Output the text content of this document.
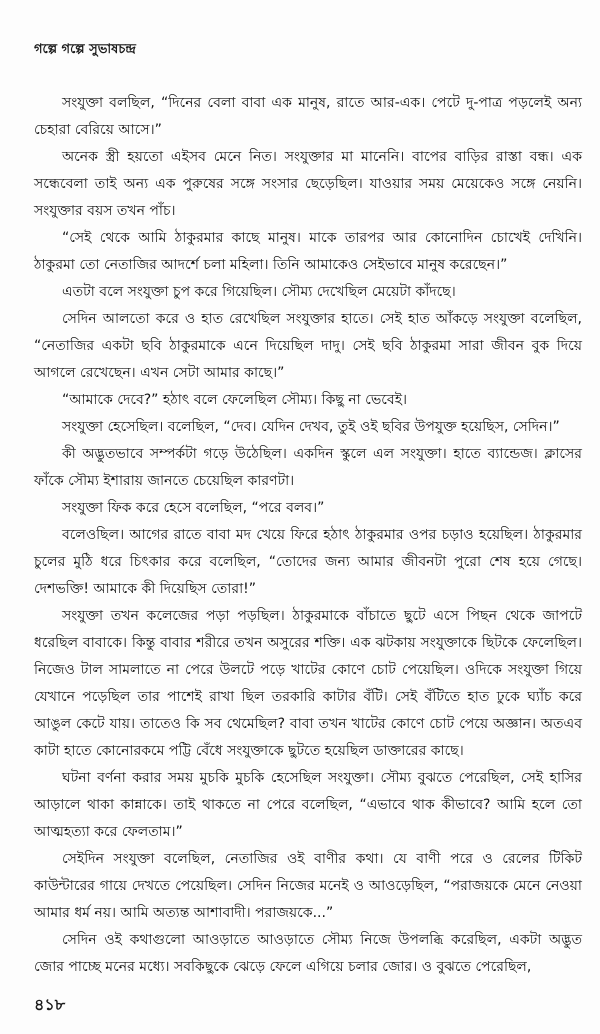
গল্পে গল্পে সুভাষচন্দ্র

সংযুক্তা বলছিল, “দিনের বেলা বাবা এক মানুষ, রাতে আর-এক। পেটে দু-পাত্র পড়লেই অন্য চেহারা বেরিয়ে আসে।”

অনেক স্ত্রী হয়তো এইসব মেনে নিত। সংযুক্তার মা মানেনি। বাপের বাড়ির রাস্তা বন্ধ। এক সন্ধেবেলা তাই অন্য এক পুরুষের সঙ্গে সংসার ছেড়েছিল। যাওয়ার সময় মেয়েকেও সঙ্গে নেয়নি। সংযুক্তার বয়স তখন পাঁচ।

“সেই থেকে আমি ঠাকুরমার কাছে মানুষ। মাকে তারপর আর কোনোদিন চোখেই দেখিনি। ঠাকুরমা তো নেতাজির আদর্শে চলা মহিলা। তিনি আমাকেও সেইভাবে মানুষ করেছেন।”

এতটা বলে সংযুক্তা চুপ করে গিয়েছিল। সৌম্য দেখেছিল মেয়েটা কাঁদছে।

সেদিন আলতো করে ও হাত রেখেছিল সংযুক্তার হাতে। সেই হাত আঁকড়ে সংযুক্তা বলেছিল, “নেতাজির একটা ছবি ঠাকুরমাকে এনে দিয়েছিল দাদু। সেই ছবি ঠাকুরমা সারা জীবন বুক দিয়ে আগলে রেখেছেন। এখন সেটা আমার কাছে।”

“আমাকে দেবে?” হঠাৎ বলে ফেলেছিল সৌম্য। কিছু না ভেবেই।

সংযুক্তা হেসেছিল। বলেছিল, “দেব। যেদিন দেখব, তুই ওই ছবির উপযুক্ত হয়েছিস, সেদিন।”

কী অদ্ভুতভাবে সম্পর্কটা গড়ে উঠেছিল। একদিন স্কুলে এল সংযুক্তা। হাতে ব্যান্ডেজ। ক্লাসের ফাঁকে সৌম্য ইশারায় জানতে চেয়েছিল কারণটা।

সংযুক্তা ফিক করে হেসে বলেছিল, “পরে বলব।”

বলেওছিল। আগের রাতে বাবা মদ খেয়ে ফিরে হঠাৎ ঠাকুরমার ওপর চড়াও হয়েছিল। ঠাকুরমার চুলের মুঠি ধরে চিৎকার করে বলেছিল, “তোদের জন্য আমার জীবনটা পুরো শেষ হয়ে গেছে। দেশভক্তি! আমাকে কী দিয়েছিস তোরা!”

সংযুক্তা তখন কলেজের পড়া পড়ছিল। ঠাকুরমাকে বাঁচাতে ছুটে এসে পিছন থেকে জাপটে ধরেছিল বাবাকে। কিন্তু বাবার শরীরে তখন অসুরের শক্তি। এক ঝটকায় সংযুক্তাকে ছিটকে ফেলেছিল। নিজেও টাল সামলাতে না পেরে উলটে পড়ে খাটের কোণে চোট পেয়েছিল। ওদিকে সংযুক্তা গিয়ে যেখানে পড়েছিল তার পাশেই রাখা ছিল তরকারি কাটার বঁটি। সেই বঁটিতে হাত ঢুকে ঘ্যাঁচ করে আঙুল কেটে যায়। তাতেও কি সব থেমেছিল? বাবা তখন খাটের কোণে চোট পেয়ে অজ্ঞান। অতএব কাটা হাতে কোনোরকমে পট্টি বেঁধে সংযুক্তাকে ছুটতে হয়েছিল ডাক্তারের কাছে।

ঘটনা বর্ণনা করার সময় মুচকি মুচকি হেসেছিল সংযুক্তা। সৌম্য বুঝতে পেরেছিল, সেই হাসির আড়ালে থাকা কান্নাকে। তাই থাকতে না পেরে বলেছিল, “এভাবে থাক কীভাবে? আমি হলে তো আত্মহত্যা করে ফেলতাম।”

সেইদিন সংযুক্তা বলেছিল, নেতাজির ওই বাণীর কথা। যে বাণী পরে ও রেলের টিকিট কাউন্টারের গায়ে দেখতে পেয়েছিল। সেদিন নিজের মনেই ও আওড়েছিল, “পরাজয়কে মেনে নেওয়া আমার ধর্ম নয়। আমি অত্যন্ত আশাবাদী। পরাজয়কে...”

সেদিন ওই কথাগুলো আওড়াতে আওড়াতে সৌম্য নিজে উপলব্ধি করেছিল, একটা অদ্ভুত জোর পাচ্ছে মনের মধ্যে। সবকিছুকে ঝেড়ে ফেলে এগিয়ে চলার জোর। ও বুঝতে পেরেছিল,

৪১৮
